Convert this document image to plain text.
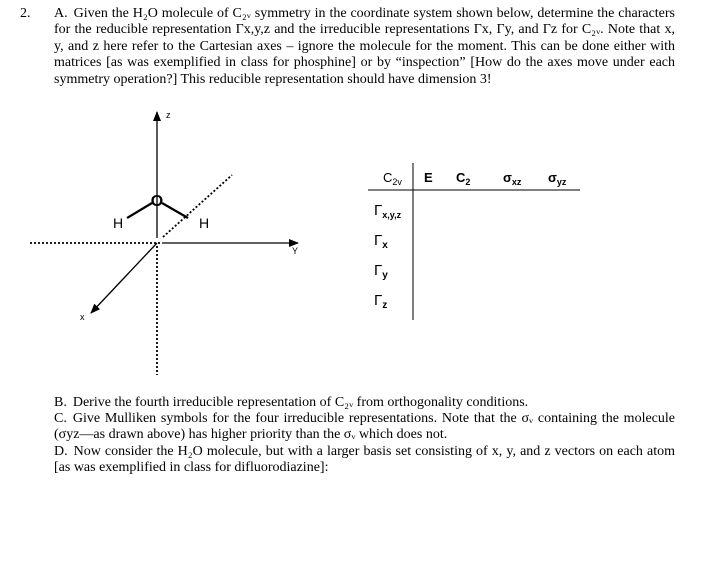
2. A. Given the H₂O molecule of C₂ᵥ symmetry in the coordinate system shown below, determine the characters for the reducible representation Γx,y,z and the irreducible representations Γx, Γy, and Γz for C₂ᵥ. Note that x, y, and z here refer to the Cartesian axes – ignore the molecule for the moment. This can be done either with matrices [as was exemplified in class for phosphine] or by “inspection” [How do the axes move under each symmetry operation?] This reducible representation should have dimension 3!

z
Y
x
O
H	H
$C_{2v}$ E $C_2$	$\sigma_{xz}$ $\sigma_{yz}$
$\Gamma_{x,y,z}$
$\Gamma_x$
$\Gamma_y$
$\Gamma_z$

B. Derive the fourth irreducible representation of C₂ᵥ from orthogonality conditions.

C. Give Mulliken symbols for the four irreducible representations. Note that the σᵥ containing the molecule (σyz—as drawn above) has higher priority than the σᵥ which does not.

D. Now consider the H₂O molecule, but with a larger basis set consisting of x, y, and z vectors on each atom [as was exemplified in class for difluorodiazine]:
